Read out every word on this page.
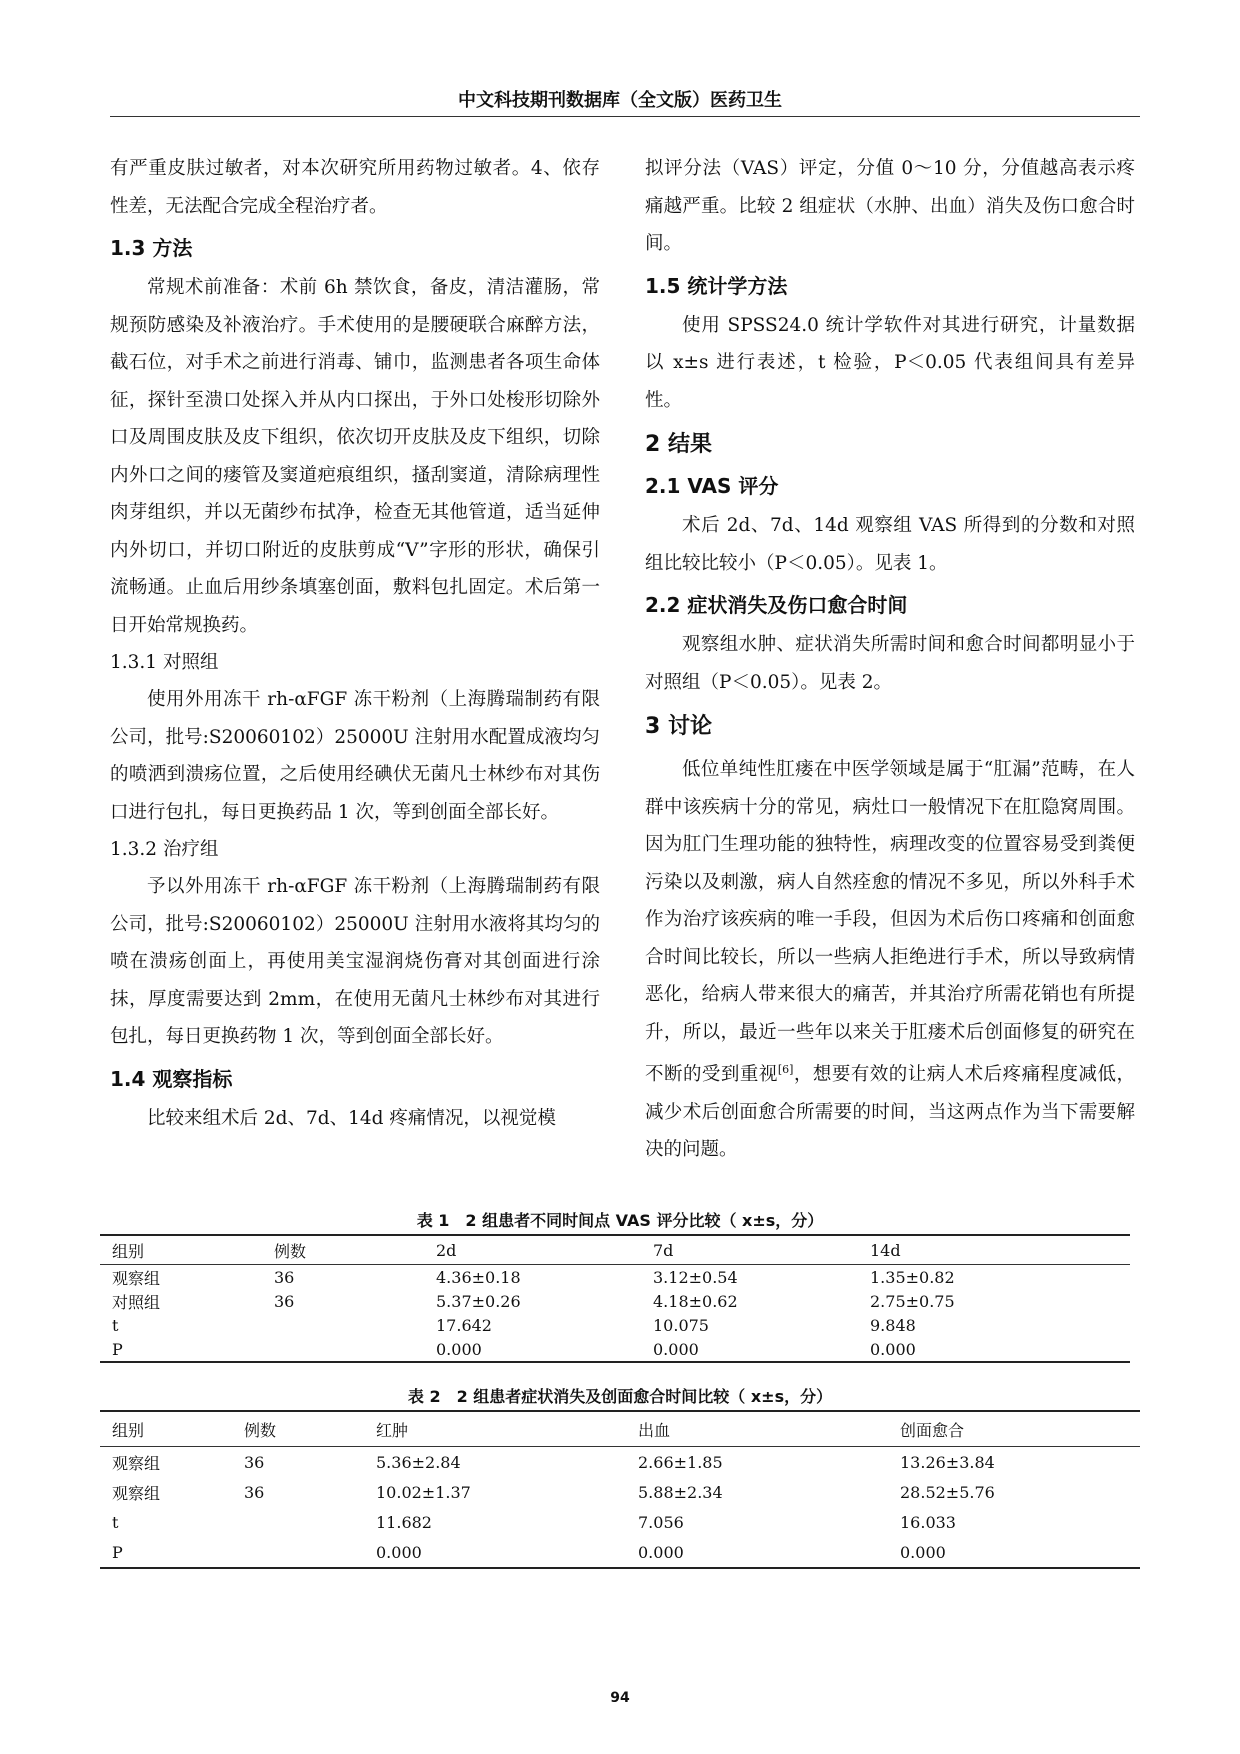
中文科技期刊数据库（全文版）医药卫生

有严重皮肤过敏者，对本次研究所用药物过敏者。4、依存性差，无法配合完成全程治疗者。

1.3 方法

常规术前准备：术前 6h 禁饮食，备皮，清洁灌肠，常规预防感染及补液治疗。手术使用的是腰硬联合麻醉方法，截石位，对手术之前进行消毒、铺巾，监测患者各项生命体征，探针至溃口处探入并从内口探出，于外口处梭形切除外口及周围皮肤及皮下组织，依次切开皮肤及皮下组织，切除内外口之间的瘘管及窦道疤痕组织，搔刮窦道，清除病理性肉芽组织，并以无菌纱布拭净，检查无其他管道，适当延伸内外切口，并切口附近的皮肤剪成“V”字形的形状，确保引流畅通。止血后用纱条填塞创面，敷料包扎固定。术后第一日开始常规换药。

1.3.1 对照组

使用外用冻干 rh-αFGF 冻干粉剂（上海腾瑞制药有限公司，批号:S20060102）25000U 注射用水配置成液均匀的喷洒到溃疡位置，之后使用经碘伏无菌凡士林纱布对其伤口进行包扎，每日更换药品 1 次，等到创面全部长好。

1.3.2 治疗组

予以外用冻干 rh-αFGF 冻干粉剂（上海腾瑞制药有限公司，批号:S20060102）25000U 注射用水液将其均匀的喷在溃疡创面上，再使用美宝湿润烧伤膏对其创面进行涂抹，厚度需要达到 2mm，在使用无菌凡士林纱布对其进行包扎，每日更换药物 1 次，等到创面全部长好。

1.4 观察指标

比较来组术后 2d、7d、14d 疼痛情况，以视觉模

拟评分法（VAS）评定，分值 0～10 分，分值越高表示疼痛越严重。比较 2 组症状（水肿、出血）消失及伤口愈合时间。

1.5 统计学方法

使用 SPSS24.0 统计学软件对其进行研究，计量数据以 x±s 进行表述，t 检验，P＜0.05 代表组间具有差异性。

2 结果
2.1 VAS 评分

术后 2d、7d、14d 观察组 VAS 所得到的分数和对照组比较比较小（P＜0.05）。见表 1。

2.2 症状消失及伤口愈合时间

观察组水肿、症状消失所需时间和愈合时间都明显小于对照组（P＜0.05）。见表 2。

3 讨论

低位单纯性肛瘘在中医学领域是属于“肛漏”范畴，在人群中该疾病十分的常见，病灶口一般情况下在肛隐窝周围。因为肛门生理功能的独特性，病理改变的位置容易受到粪便污染以及刺激，病人自然痊愈的情况不多见，所以外科手术作为治疗该疾病的唯一手段，但因为术后伤口疼痛和创面愈合时间比较长，所以一些病人拒绝进行手术，所以导致病情恶化，给病人带来很大的痛苦，并其治疗所需花销也有所提升，所以，最近一些年以来关于肛瘘术后创面修复的研究在不断的受到重视[6]，想要有效的让病人术后疼痛程度减低，减少术后创面愈合所需要的时间，当这两点作为当下需要解决的问题。

表 1　2 组患者不同时间点 VAS 评分比较（ x±s，分）
组别	例数	2d	7d	14d
观察组	36	4.36±0.18	3.12±0.54	1.35±0.82
对照组	36	5.37±0.26	4.18±0.62	2.75±0.75
t		17.642	10.075	9.848
P		0.000	0.000	0.000
表 2　2 组患者症状消失及创面愈合时间比较（ x±s，分）
组别	例数	红肿	出血	创面愈合
观察组	36	5.36±2.84	2.66±1.85	13.26±3.84
观察组	36	10.02±1.37	5.88±2.34	28.52±5.76
t		11.682	7.056	16.033
P		0.000	0.000	0.000
94
